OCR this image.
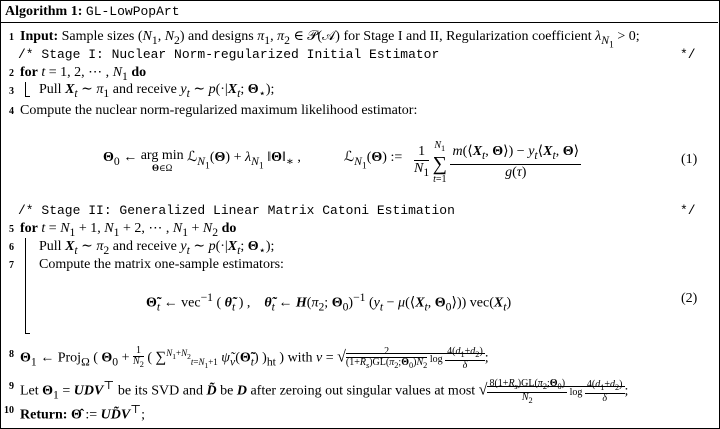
Algorithm 1: GL-LowPopArt
1 Input: Sample sizes ($N_1$, $N_2$) and designs $\pi_1$, $\pi_2$ ∈ 𝒫(𝒜) for Stage I and II, Regularization coefficient $\lambda_{N_1} > 0$;
/* Stage I: Nuclear Norm-regularized Initial Estimator	*/
2 for t = 1, 2, ⋯ , $N_1$ do
3 Pull $X_t$ ∼ $\pi_1$ and receive $y_t$ ∼ $p(\cdot|X_t$; $\Theta_⋆$);
4 Compute the nuclear norm-regularized maximum likelihood estimator:
$\Theta_0$ ← arg min
Θ∈Ω ℒ$_{N_1}$(Θ) + $\lambda_{N_1}$ $‖\Theta‖_∗$ ,	ℒ$_{N_1}$(Θ) := $\frac{1}{N_1} N_1$
∑
$t=1 \frac{m(⟨X_t, \Theta⟩) - y_t⟨X_t, \Theta⟩}{g(\tau)}$	(1)
/* Stage II: Generalized Linear Matrix Catoni Estimation	*/
5 for $t = N_1 + 1$, $N_1 + 2$, ⋯ , $N_1 + N_2$ do
6 Pull $X_t$ ∼ $\pi_2$ and receive $y_t$ ∼ $p(\cdot|X_t$; $\Theta_⋆$);
7 Compute the matrix one-sample estimators:
$\Thetã_t$ ← vec$^{-1}$ ( $\thetã_t$ ) ,    $\thetã_t$ ← $H(\pi_2$; $\Theta_0)^{-1}$ ($y_t$ − $\mu(⟨X_t$, $\Theta_0⟩$)) $vec(X_t)$	(2)
8 $\Theta_1$ ← Proj$_\Omega$ ( $\Theta_0 + \frac{1}{N_2}$ ( ∑$^{N_1+N_2}_{t=N_1+1}$ $\psĩ_\nu(\Thetã_t)$ )$_{ht}$ ) with ν = √ $\frac{2}{(1+R_s)GL(\pi_2;\Theta_0)N_2}$ $\log \frac{4(d_1+d_2)}{\delta}$ ;
9 Let $\Theta_1 = UDV^⊤$ be its SVD and D̃ be D after zeroing out singular values at most √ $\frac{8(1+R_s)GL(\pi_2;\Theta_0)}{N_2}$ $\log \frac{4(d_1+d_2)}{\delta}$ ;
10 Return: Θ̂ := UD̃V⊤;
